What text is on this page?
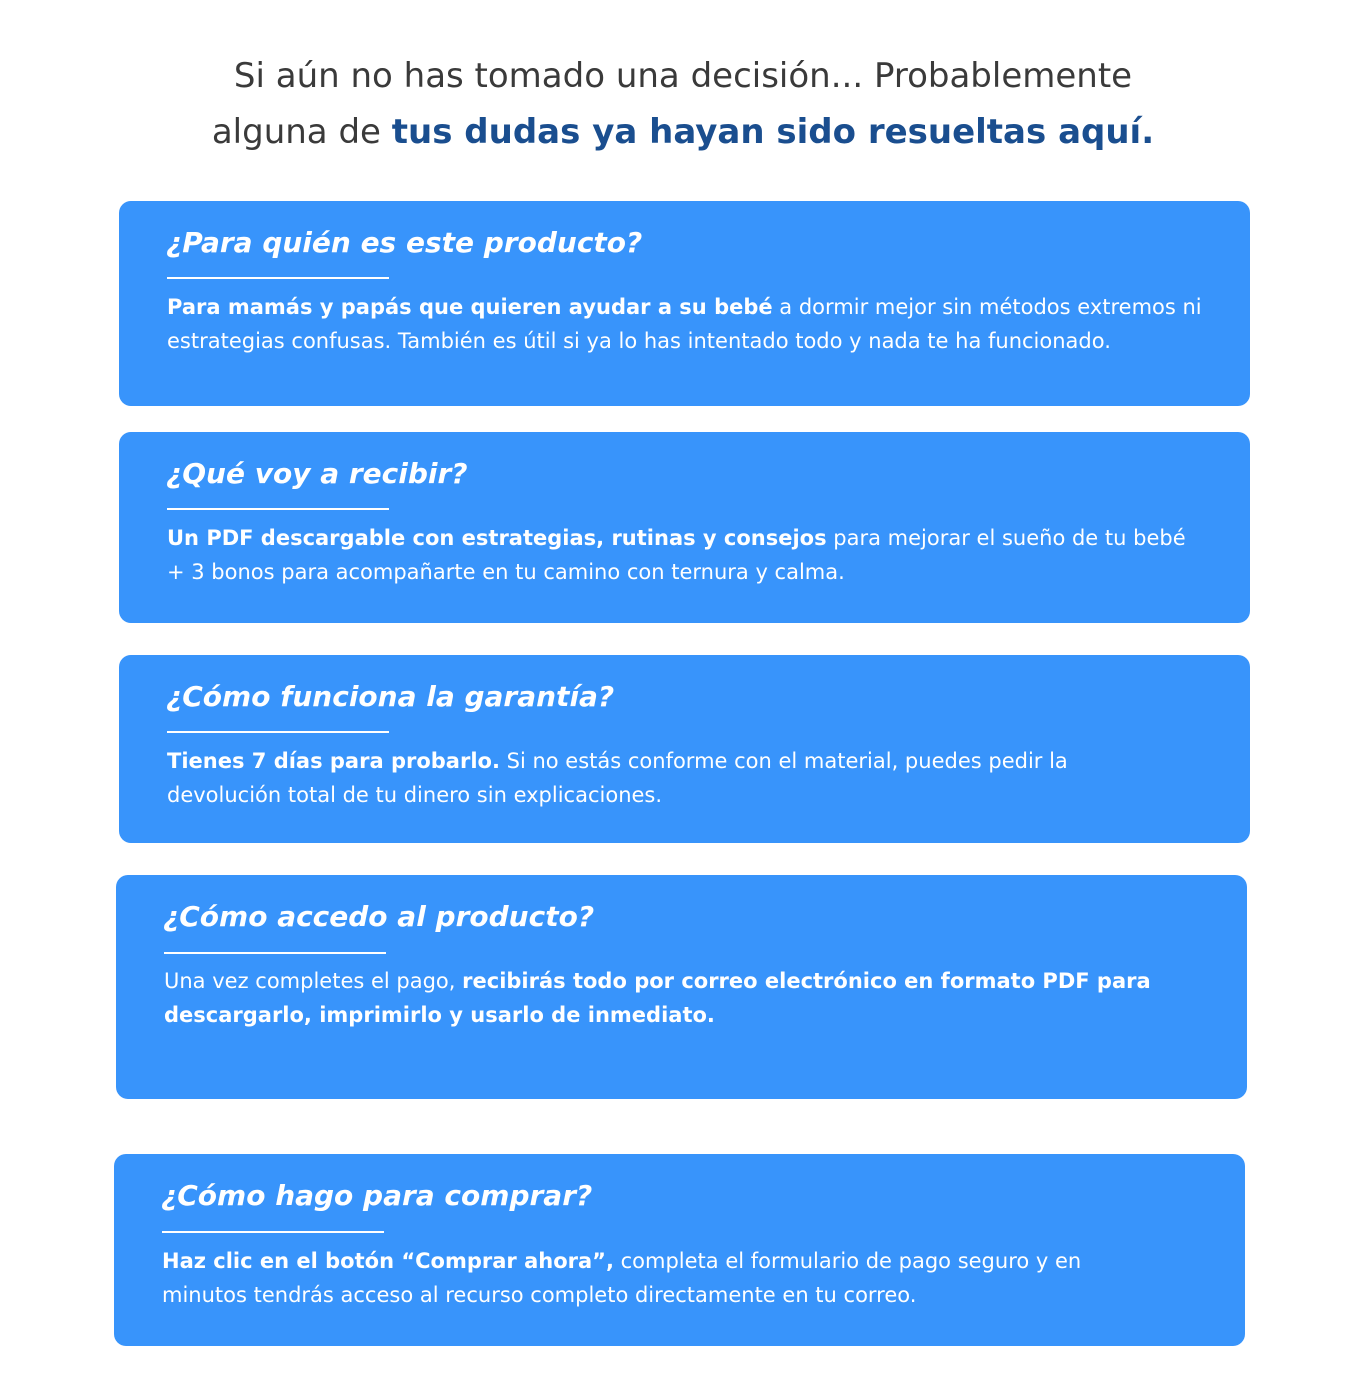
Si aún no has tomado una decisión... Probablemente
alguna de tus dudas ya hayan sido resueltas aquí.
¿Para quién es este producto?

Para mamás y papás que quieren ayudar a su bebé a dormir mejor sin métodos extremos ni estrategias confusas. También es útil si ya lo has intentado todo y nada te ha funcionado.

¿Qué voy a recibir?

Un PDF descargable con estrategias, rutinas y consejos para mejorar el sueño de tu bebé + 3 bonos para acompañarte en tu camino con ternura y calma.

¿Cómo funciona la garantía?

Tienes 7 días para probarlo. Si no estás conforme con el material, puedes pedir la devolución total de tu dinero sin explicaciones.

¿Cómo accedo al producto?

Una vez completes el pago, recibirás todo por correo electrónico en formato PDF para descargarlo, imprimirlo y usarlo de inmediato.

¿Cómo hago para comprar?

Haz clic en el botón “Comprar ahora”, completa el formulario de pago seguro y en minutos tendrás acceso al recurso completo directamente en tu correo.
